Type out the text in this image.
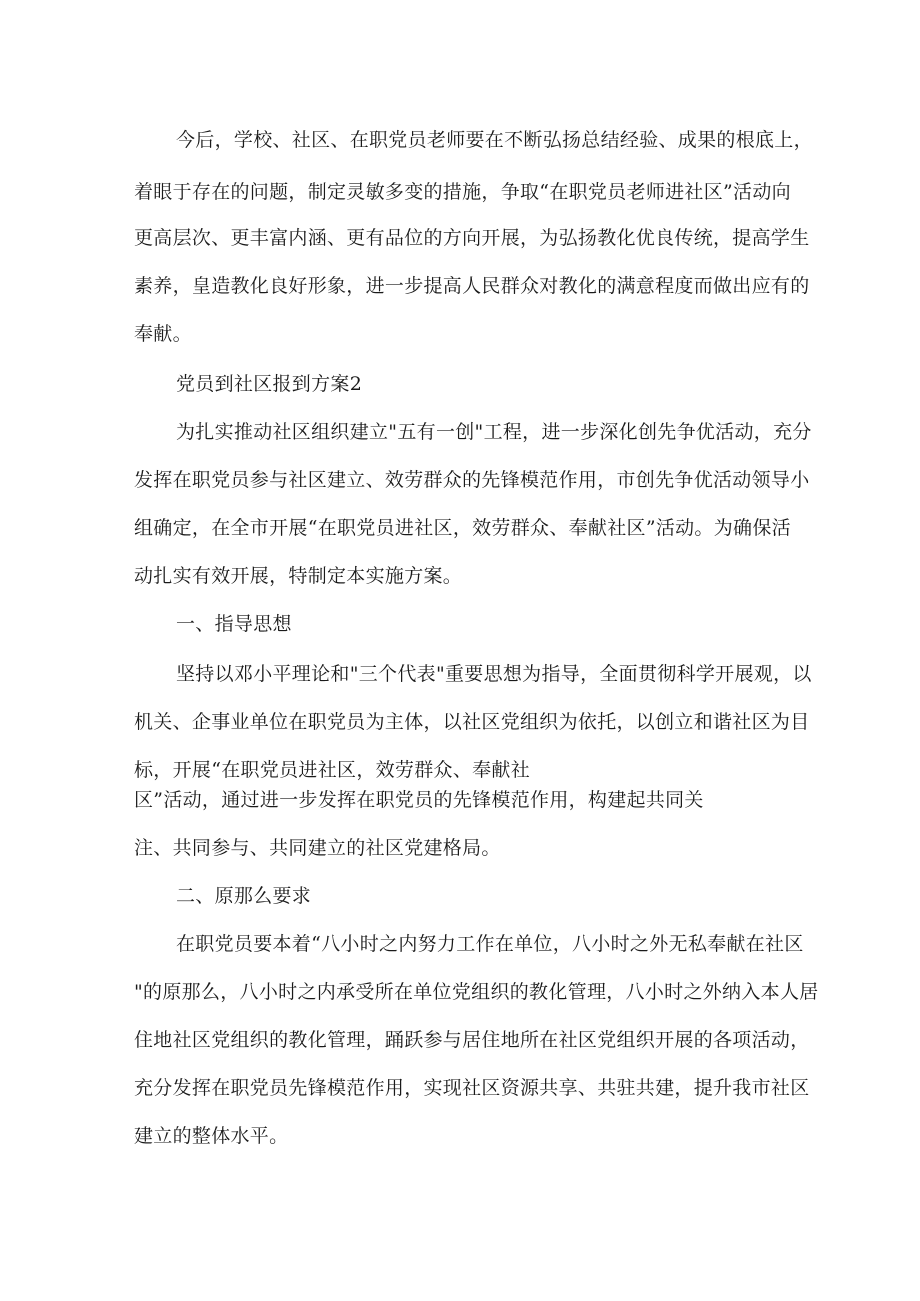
今后，学校、社区、在职党员老师要在不断弘扬总结经验、成果的根底上，
着眼于存在的问题，制定灵敏多变的措施，争取“在职党员老师进社区”活动向
更高层次、更丰富内涵、更有品位的方向开展，为弘扬教化优良传统，提高学生
素养，皇造教化良好形象，进一步提高人民群众对教化的满意程度而做出应有的
奉献。
党员到社区报到方案2
为扎实推动社区组织建立"五有一创"工程，进一步深化创先争优活动，充分
发挥在职党员参与社区建立、效劳群众的先锋模范作用，市创先争优活动领导小
组确定，在全市开展“在职党员进社区，效劳群众、奉献社区”活动。为确保活
动扎实有效开展，特制定本实施方案。
一、指导思想
坚持以邓小平理论和"三个代表"重要思想为指导，全面贯彻科学开展观，以
机关、企事业单位在职党员为主体，以社区党组织为依托，以创立和谐社区为目
标，开展“在职党员进社区，效劳群众、奉献社
区”活动，通过进一步发挥在职党员的先锋模范作用，构建起共同关
注、共同参与、共同建立的社区党建格局。
二、原那么要求
在职党员要本着“八小时之内努力工作在单位，八小时之外无私奉献在社区
"的原那么，八小时之内承受所在单位党组织的教化管理，八小时之外纳入本人居
住地社区党组织的教化管理，踊跃参与居住地所在社区党组织开展的各项活动，
充分发挥在职党员先锋模范作用，实现社区资源共享、共驻共建，提升我市社区
建立的整体水平。
